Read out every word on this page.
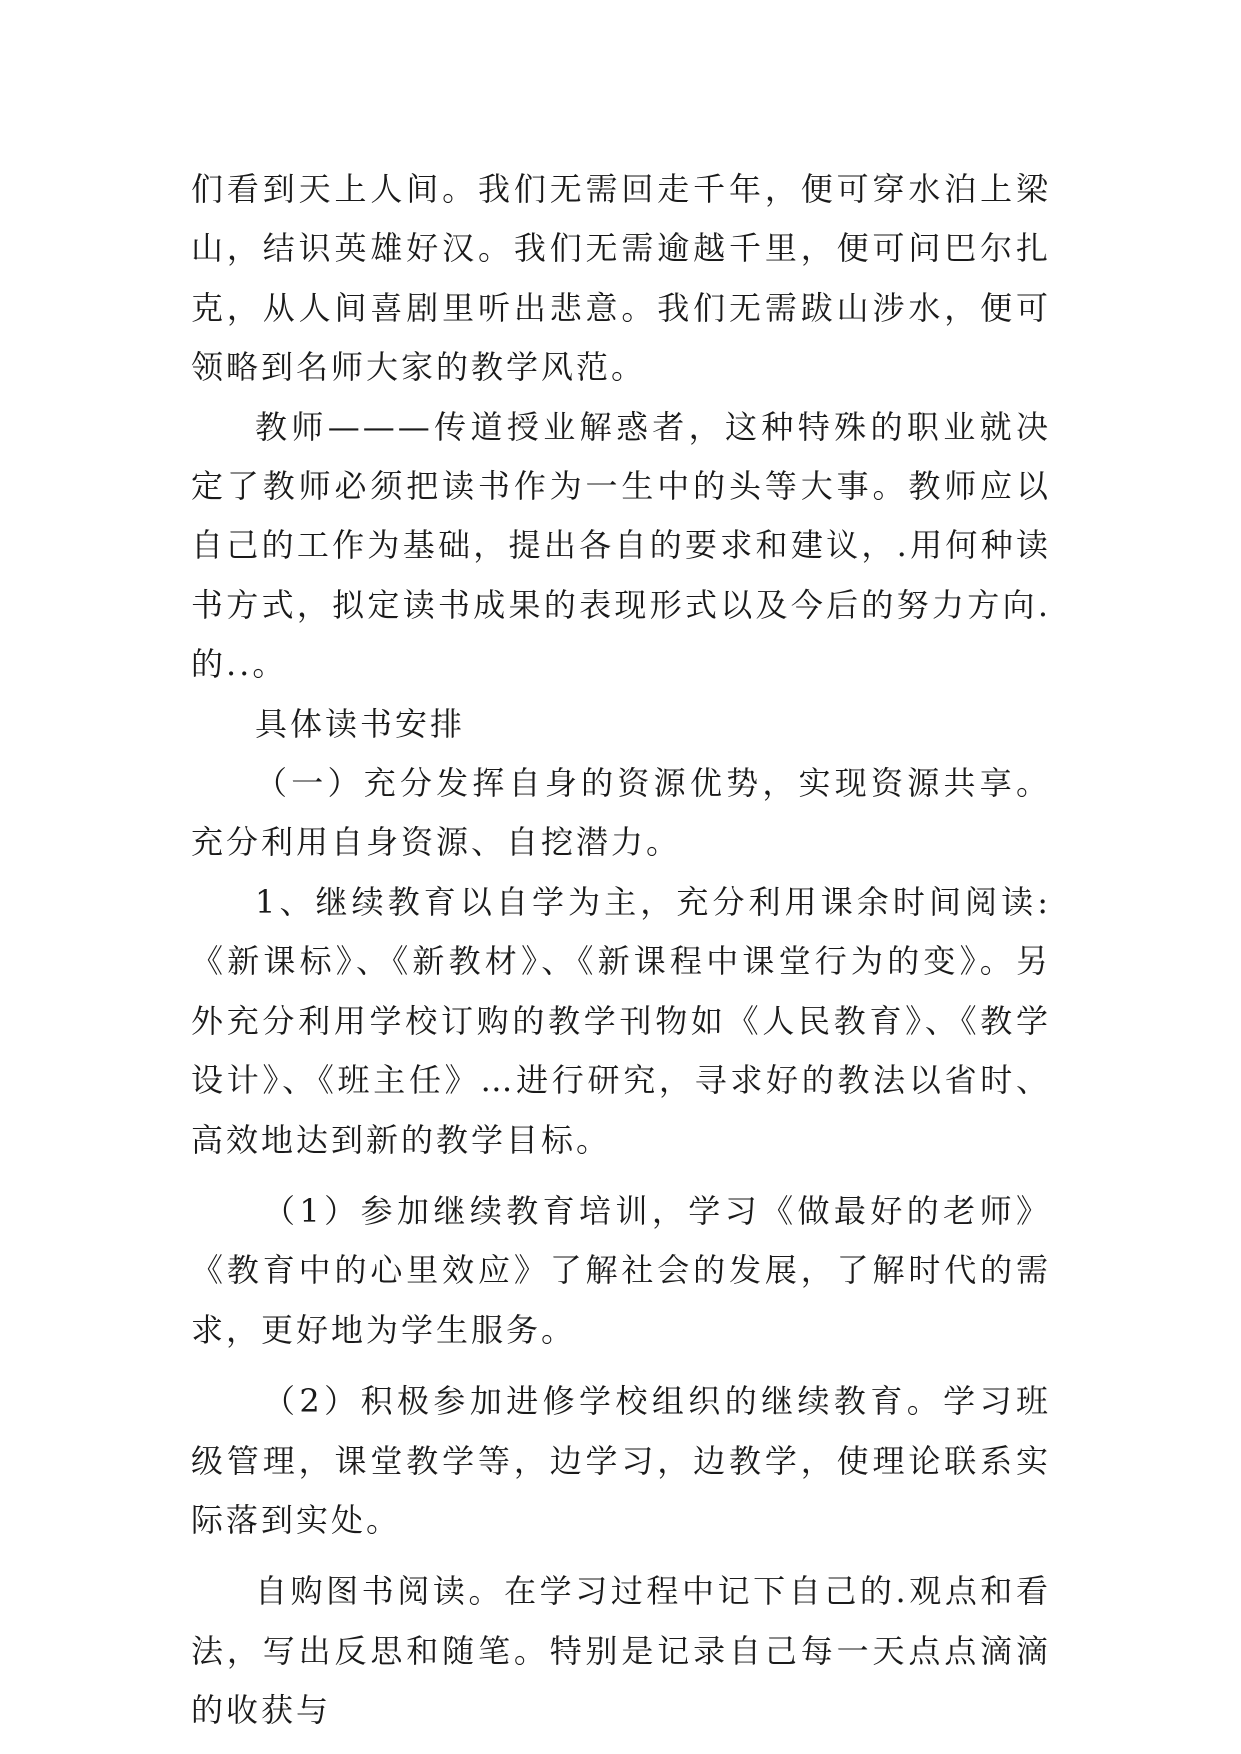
们看到天上人间。我们无需回走千年，便可穿水泊上梁山，结识英雄好汉。我们无需逾越千里，便可问巴尔扎克，从人间喜剧里听出悲意。我们无需跋山涉水，便可领略到名师大家的教学风范。

教师———传道授业解惑者，这种特殊的职业就决定了教师必须把读书作为一生中的头等大事。教师应以自己的工作为基础，提出各自的要求和建议，.用何种读书方式，拟定读书成果的表现形式以及今后的努力方向.的..。

具体读书安排

（一）充分发挥自身的资源优势，实现资源共享。充分利用自身资源、自挖潜力。

1、继续教育以自学为主，充分利用课余时间阅读:《新课标》、《新教材》、《新课程中课堂行为的变》。另外充分利用学校订购的教学刊物如《人民教育》、《教学设计》、《班主任》…进行研究，寻求好的教法以省时、高效地达到新的教学目标。

（1）参加继续教育培训，学习《做最好的老师》《教育中的心里效应》了解社会的发展，了解时代的需求，更好地为学生服务。

（2）积极参加进修学校组织的继续教育。学习班级管理，课堂教学等，边学习，边教学，使理论联系实际落到实处。

自购图书阅读。在学习过程中记下自己的.观点和看法，写出反思和随笔。特别是记录自己每一天点点滴滴的收获与
